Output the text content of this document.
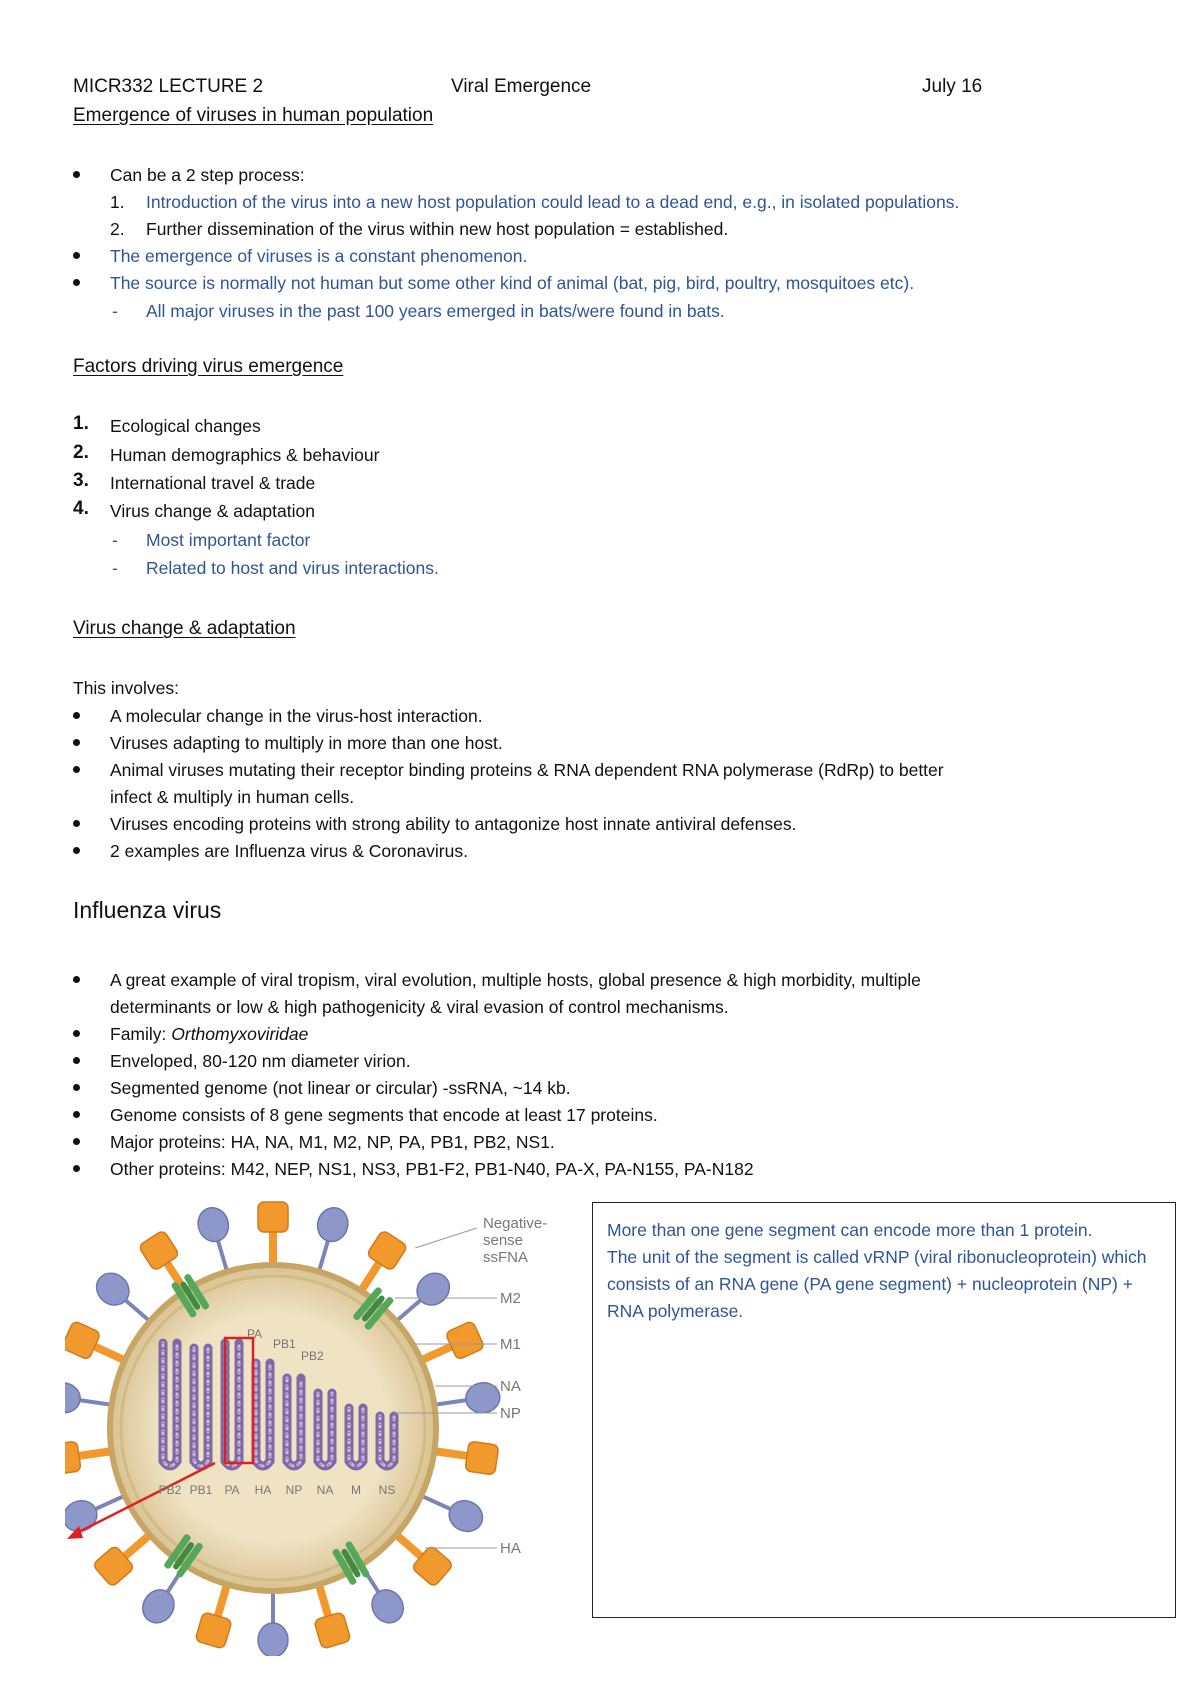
MICR332 LECTURE 2	Viral Emergence	July 16
Emergence of viruses in human population
Can be a 2 step process:
1. Introduction of the virus into a new host population could lead to a dead end, e.g., in isolated populations.
2. Further dissemination of the virus within new host population = established.
The emergence of viruses is a constant phenomenon.
The source is normally not human but some other kind of animal (bat, pig, bird, poultry, mosquitoes etc).
- All major viruses in the past 100 years emerged in bats/were found in bats.
Factors driving virus emergence
1. Ecological changes
2. Human demographics & behaviour
3. International travel & trade
4. Virus change & adaptation
- Most important factor
- Related to host and virus interactions.
Virus change & adaptation
This involves:
A molecular change in the virus-host interaction.
Viruses adapting to multiply in more than one host.
Animal viruses mutating their receptor binding proteins & RNA dependent RNA polymerase (RdRp) to better
infect & multiply in human cells.
Viruses encoding proteins with strong ability to antagonize host innate antiviral defenses.
2 examples are Influenza virus & Coronavirus.
Influenza virus
A great example of viral tropism, viral evolution, multiple hosts, global presence & high morbidity, multiple
determinants or low & high pathogenicity & viral evasion of control mechanisms.
Family: Orthomyxoviridae
Enveloped, 80-120 nm diameter virion.
Segmented genome (not linear or circular) -ssRNA, ~14 kb.
Genome consists of 8 gene segments that encode at least 17 proteins.
Major proteins: HA, NA, M1, M2, NP, PA, PB1, PB2, NS1.
Other proteins: M42, NEP, NS1, NS3, PB1-F2, PB1-N40, PA-X, PA-N155, PA-N182
PA
PB1
PB2
PB2 PB1 PA HA NP NA M NS
Negative-
sense
ssFNA
M2
M1
NA
NP
HA

More than one gene segment can encode more than 1 protein.

The unit of the segment is called vRNP (viral ribonucleoprotein) which consists of an RNA gene (PA gene segment) + nucleoprotein (NP) + RNA polymerase.
